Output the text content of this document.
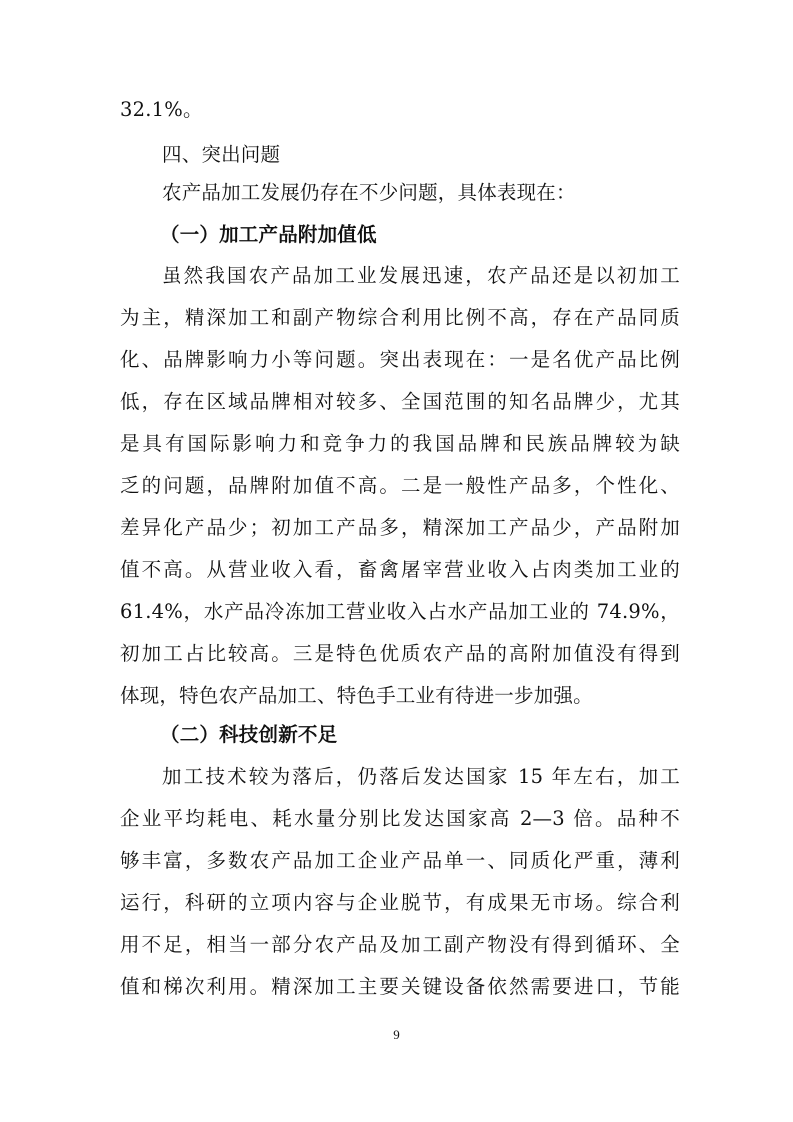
32.1%。
四、突出问题
农产品加工发展仍存在不少问题，具体表现在：
（一）加工产品附加值低
虽然我国农产品加工业发展迅速，农产品还是以初加工
为主，精深加工和副产物综合利用比例不高，存在产品同质
化、品牌影响力小等问题。突出表现在：一是名优产品比例
低，存在区域品牌相对较多、全国范围的知名品牌少，尤其
是具有国际影响力和竞争力的我国品牌和民族品牌较为缺
乏的问题，品牌附加值不高。二是一般性产品多，个性化、
差异化产品少；初加工产品多，精深加工产品少，产品附加
值不高。从营业收入看，畜禽屠宰营业收入占肉类加工业的
61.4%，水产品冷冻加工营业收入占水产品加工业的 74.9%，
初加工占比较高。三是特色优质农产品的高附加值没有得到
体现，特色农产品加工、特色手工业有待进一步加强。
（二）科技创新不足
加工技术较为落后，仍落后发达国家 15 年左右，加工
企业平均耗电、耗水量分别比发达国家高 2—3 倍。品种不
够丰富，多数农产品加工企业产品单一、同质化严重，薄利
运行，科研的立项内容与企业脱节，有成果无市场。综合利
用不足，相当一部分农产品及加工副产物没有得到循环、全
值和梯次利用。精深加工主要关键设备依然需要进口，节能
9
